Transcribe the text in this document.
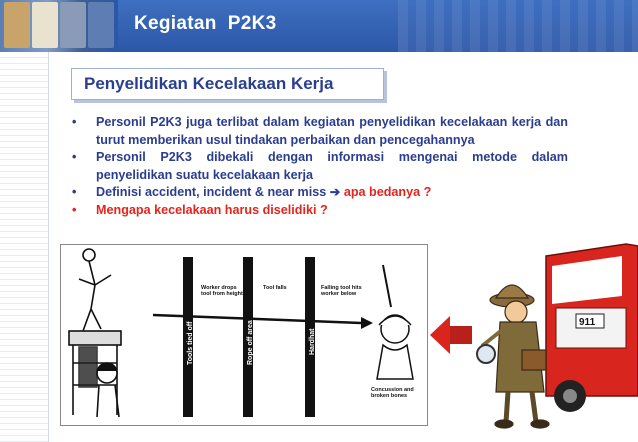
Kegiatan  P2K3
Penyelidikan Kecelakaan Kerja
• Personil P2K3 juga terlibat dalam kegiatan penyelidikan kecelakaan kerja dan turut memberikan usul tindakan perbaikan dan pencegahannya
• Personil P2K3 dibekali dengan informasi mengenai metode dalam penyelidikan suatu kecelakaan kerja
• Definisi accident, incident & near miss ➔ apa bedanya ?
• Mengapa kecelakaan harus diselidiki ?
Worker drops tool from height
Tool falls	Falling tool hits worker below
Tools tied off	Rope off area	Hardhat
Concussion and broken bones
911
